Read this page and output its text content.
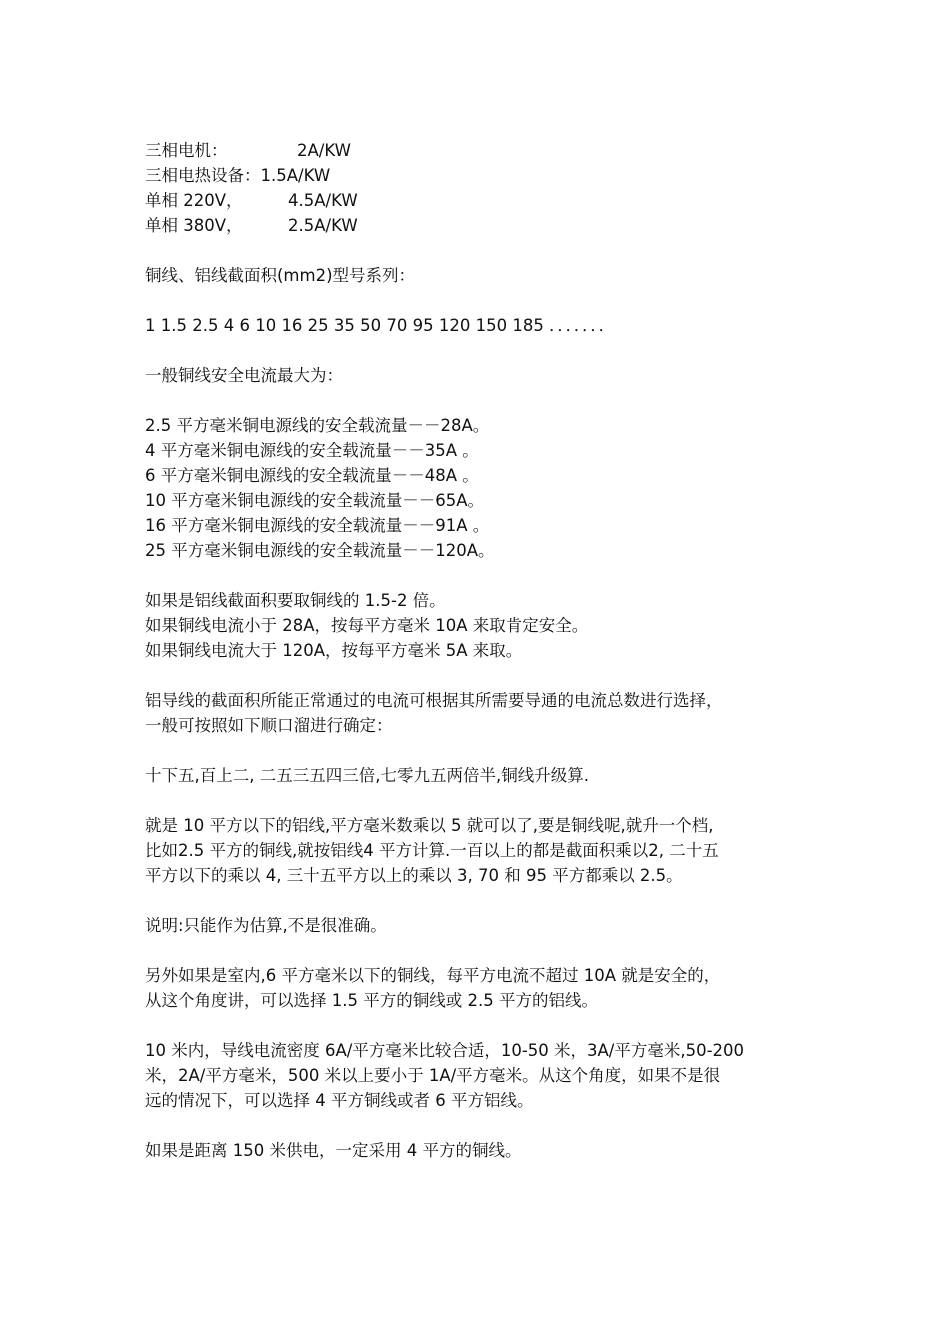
三相电机：	2A/KW
三相电热设备： 1.5A/KW
单相 220V，	4.5A/KW
单相 380V，	2.5A/KW
铜线、铝线截面积(mm2)型号系列：
1 1.5 2.5 4 6 10 16 25 35 50 70 95 120 150 185 ．．．．．．．
一般铜线安全电流最大为：
2.5 平方毫米铜电源线的安全载流量－－28A。
4 平方毫米铜电源线的安全载流量－－35A 。
6 平方毫米铜电源线的安全载流量－－48A 。
10 平方毫米铜电源线的安全载流量－－65A。
16 平方毫米铜电源线的安全载流量－－91A 。
25 平方毫米铜电源线的安全载流量－－120A。
如果是铝线截面积要取铜线的 1.5-2 倍。
如果铜线电流小于 28A，按每平方毫米 10A 来取肯定安全。
如果铜线电流大于 120A，按每平方毫米 5A 来取。
铝导线的截面积所能正常通过的电流可根据其所需要导通的电流总数进行选择，
一般可按照如下顺口溜进行确定：
十下五,百上二, 二五三五四三倍,七零九五两倍半,铜线升级算.
就是 10 平方以下的铝线,平方毫米数乘以 5 就可以了,要是铜线呢,就升一个档,
比如2.5 平方的铜线,就按铝线4 平方计算.一百以上的都是截面积乘以2, 二十五
平方以下的乘以 4, 三十五平方以上的乘以 3, 70 和 95 平方都乘以 2.5。
说明:只能作为估算,不是很准确。
另外如果是室内,6 平方毫米以下的铜线，每平方电流不超过 10A 就是安全的，
从这个角度讲，可以选择 1.5 平方的铜线或 2.5 平方的铝线。
10 米内，导线电流密度 6A/平方毫米比较合适，10-50 米，3A/平方毫米,50-200
米，2A/平方毫米，500 米以上要小于 1A/平方毫米。从这个角度，如果不是很
远的情况下，可以选择 4 平方铜线或者 6 平方铝线。
如果是距离 150 米供电，一定采用 4 平方的铜线。
